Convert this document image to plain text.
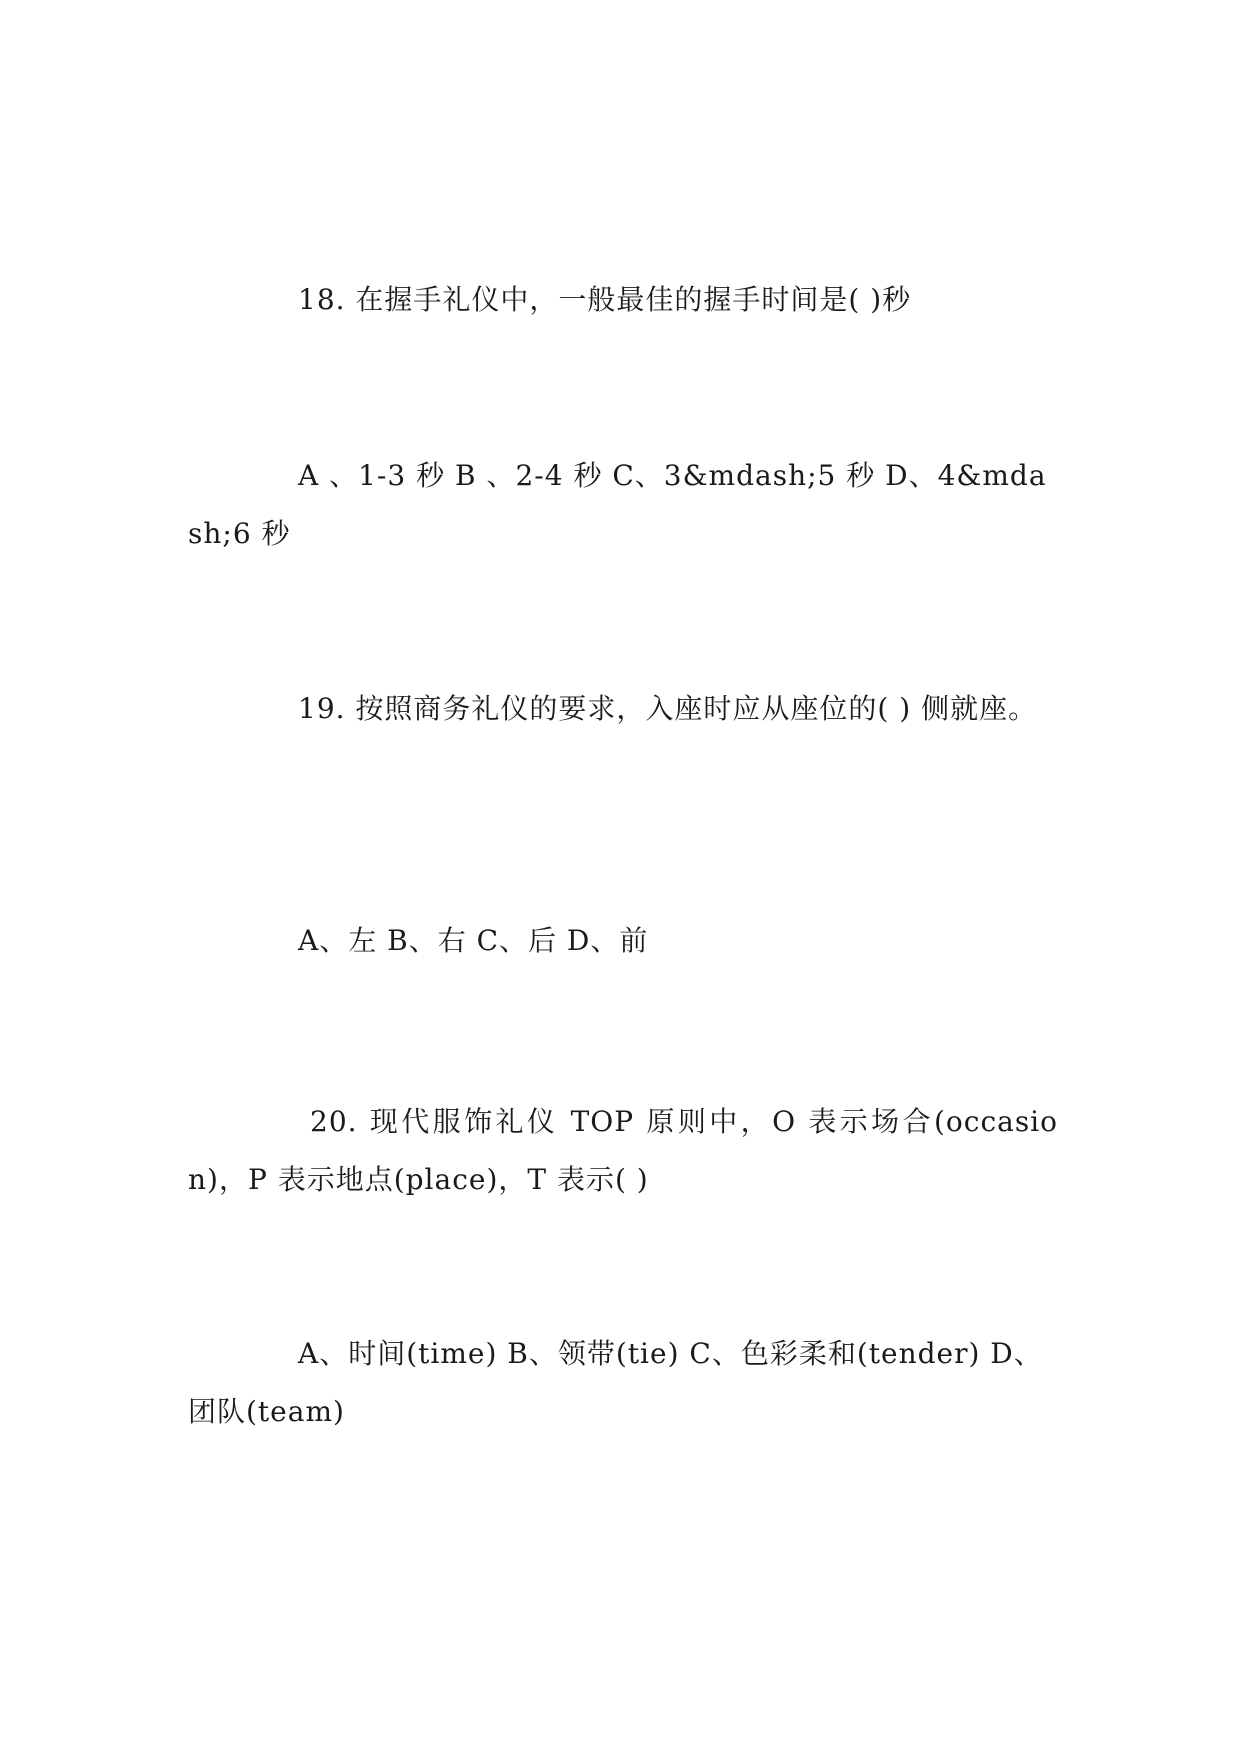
18. 在握手礼仪中，一般最佳的握手时间是( )秒
A 、1-3 秒 B 、2-4 秒 C、3&mdash;5 秒 D、4&mdash;6 秒
19. 按照商务礼仪的要求，入座时应从座位的( ) 侧就座。
A、左 B、右 C、后 D、前
20. 现代服饰礼仪 TOP 原则中，O 表示场合(occasion)，P 表示地点(place)，T 表示( )
A、时间(time) B、领带(tie) C、色彩柔和(tender) D、团队(team)
